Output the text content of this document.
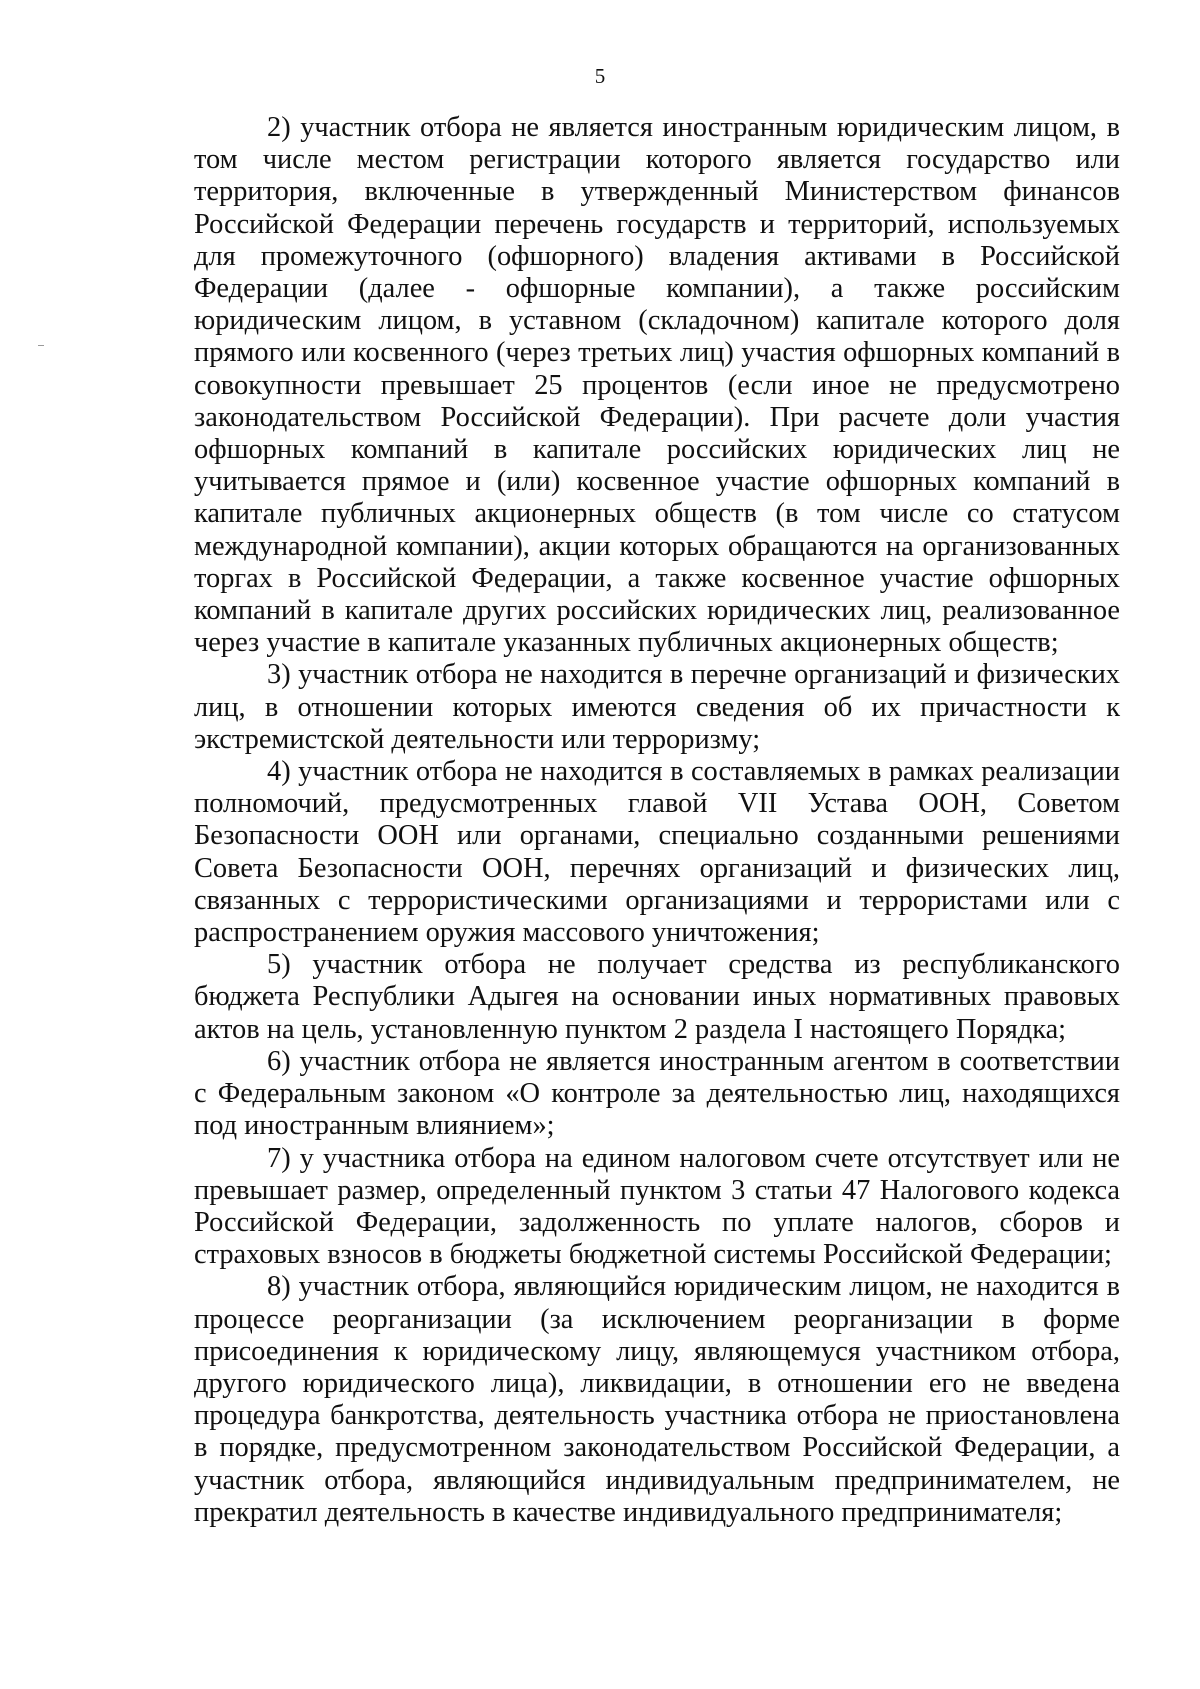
5

2) участник отбора не является иностранным юридическим лицом, в том числе местом регистрации которого является государство или территория, включенные в утвержденный Министерством финансов Российской Федерации перечень государств и территорий, используемых для промежуточного (офшорного) владения активами в Российской Федерации (далее - офшорные компании), а также российским юридическим лицом, в уставном (складочном) капитале которого доля прямого или косвенного (через третьих лиц) участия офшорных компаний в совокупности превышает 25 процентов (если иное не предусмотрено законодательством Российской Федерации). При расчете доли участия офшорных компаний в капитале российских юридических лиц не учитывается прямое и (или) косвенное участие офшорных компаний в капитале публичных акционерных обществ (в том числе со статусом международной компании), акции которых обращаются на организованных торгах в Российской Федерации, а также косвенное участие офшорных компаний в капитале других российских юридических лиц, реализованное через участие в капитале указанных публичных акционерных обществ;

3) участник отбора не находится в перечне организаций и физических лиц, в отношении которых имеются сведения об их причастности к экстремистской деятельности или терроризму;

4) участник отбора не находится в составляемых в рамках реализации полномочий, предусмотренных главой VII Устава ООН, Советом Безопасности ООН или органами, специально созданными решениями Совета Безопасности ООН, перечнях организаций и физических лиц, связанных с террористическими организациями и террористами или с распространением оружия массового уничтожения;

5) участник отбора не получает средства из республиканского бюджета Республики Адыгея на основании иных нормативных правовых актов на цель, установленную пунктом 2 раздела I настоящего Порядка;

6) участник отбора не является иностранным агентом в соответствии с Федеральным законом «О контроле за деятельностью лиц, находящихся под иностранным влиянием»;

7) у участника отбора на едином налоговом счете отсутствует или не превышает размер, определенный пунктом 3 статьи 47 Налогового кодекса Российской Федерации, задолженность по уплате налогов, сборов и страховых взносов в бюджеты бюджетной системы Российской Федерации;

8) участник отбора, являющийся юридическим лицом, не находится в процессе реорганизации (за исключением реорганизации в форме присоединения к юридическому лицу, являющемуся участником отбора, другого юридического лица), ликвидации, в отношении его не введена процедура банкротства, деятельность участника отбора не приостановлена в порядке, предусмотренном законодательством Российской Федерации, а участник отбора, являющийся индивидуальным предпринимателем, не прекратил деятельность в качестве индивидуального предпринимателя;
